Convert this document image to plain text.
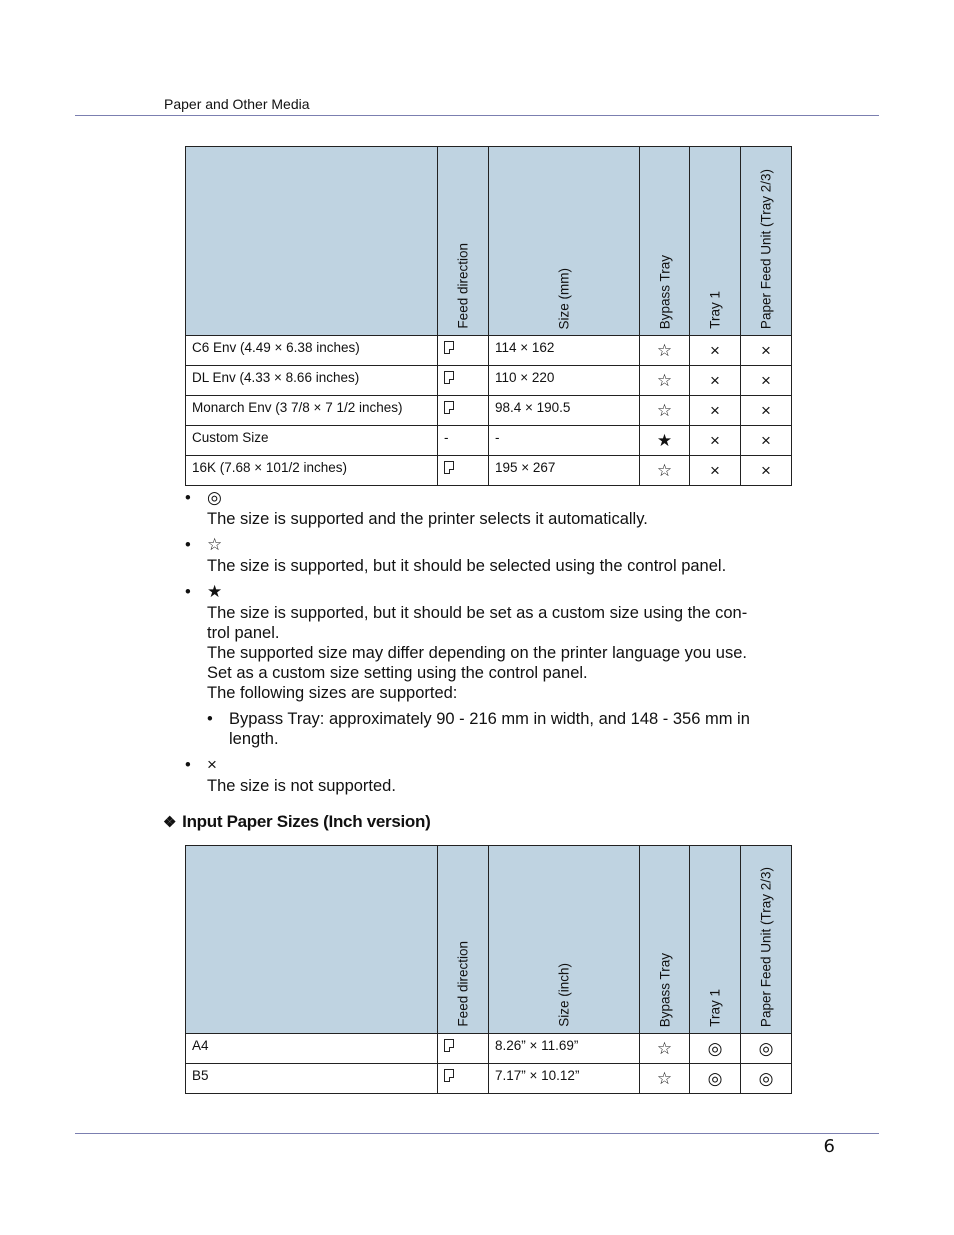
Paper and Other Media

	Feed direction	Size (mm)	Bypass Tray	Tray 1	Paper Feed Unit (Tray 2/3)

C6 Env (4.49 × 6.38 inches)		114 × 162	☆	×	×
DL Env (4.33 × 8.66 inches)		110 × 220	☆	×	×
Monarch Env (3 7/8 × 7 1/2 inches)		98.4 × 190.5	☆	×	×
Custom Size	-	-	★	×	×
16K (7.68 × 101/2 inches)		195 × 267	☆	×	×
• ◎
The size is supported and the printer selects it automatically.
• ☆
The size is supported, but it should be selected using the control panel.
• ★
The size is supported, but it should be set as a custom size using the con-
trol panel.
The supported size may differ depending on the printer language you use.
Set as a custom size setting using the control panel.
The following sizes are supported:
• Bypass Tray: approximately 90 - 216 mm in width, and 148 - 356 mm in length.
• ×
The size is not supported.
❖ Input Paper Sizes (Inch version)

	Feed direction	Size (inch)	Bypass Tray	Tray 1	Paper Feed Unit (Tray 2/3)

A4		8.26” × 11.69”	☆	◎	◎
B5		7.17” × 10.12”	☆	◎	◎
6
